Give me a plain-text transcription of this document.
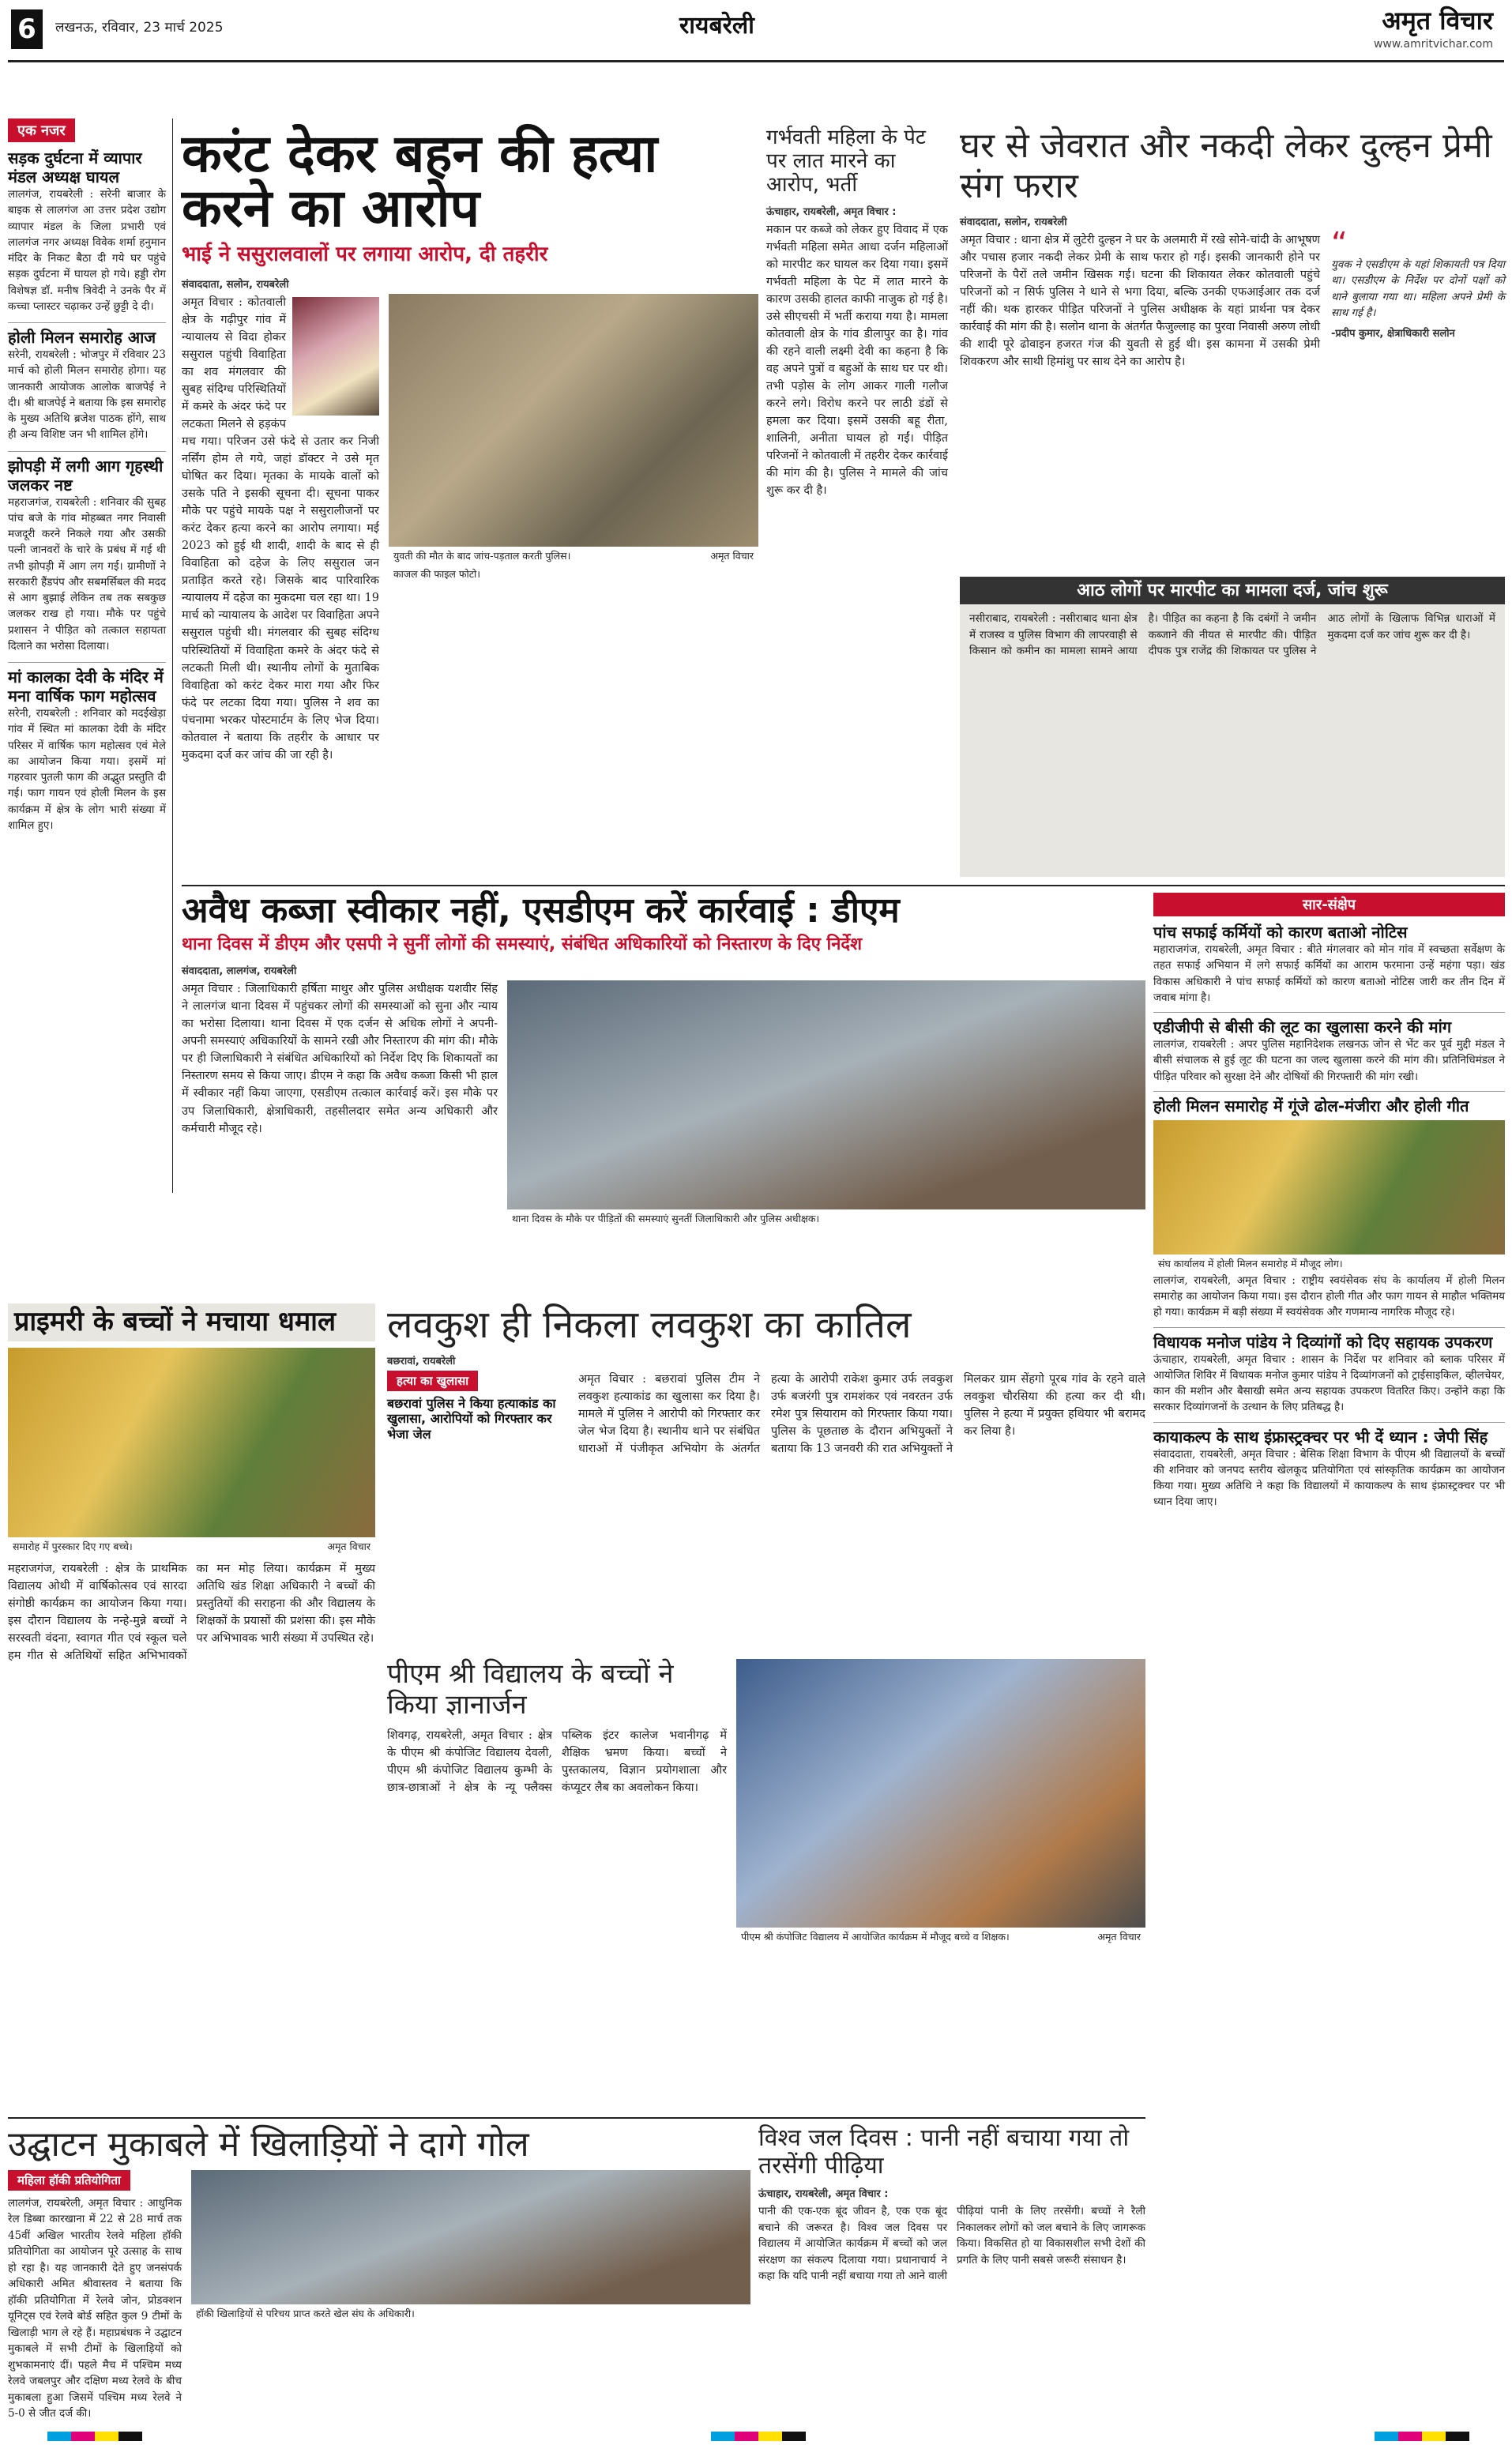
6	लखनऊ, रविवार, 23 मार्च 2025	रायबरेली	अमृत विचार
www.amritvichar.com
एक नजर
सड़क दुर्घटना में व्यापार मंडल अध्यक्ष घायल
लालगंज, रायबरेली : सरेनी बाजार के बाइक से लालगंज आ उत्तर प्रदेश उद्योग व्यापार मंडल के जिला प्रभारी एवं लालगंज नगर अध्यक्ष विवेक शर्मा हनुमान मंदिर के निकट बैठा दी गये घर पहुंचे सड़क दुर्घटना में घायल हो गये। हड्डी रोग विशेषज्ञ डॉ. मनीष त्रिवेदी ने उनके पैर में कच्चा प्लास्टर चढ़ाकर उन्हें छुट्टी दे दी।
होली मिलन समारोह आज
सरेनी, रायबरेली : भोजपुर में रविवार 23 मार्च को होली मिलन समारोह होगा। यह जानकारी आयोजक आलोक बाजपेई ने दी। श्री बाजपेई ने बताया कि इस समारोह के मुख्य अतिथि ब्रजेश पाठक होंगे, साथ ही अन्य विशिष्ट जन भी शामिल होंगे।
झोपड़ी में लगी आग गृहस्थी जलकर नष्ट
महराजगंज, रायबरेली : शनिवार की सुबह पांच बजे के गांव मोहब्बत नगर निवासी मजदूरी करने निकले गया और उसकी पत्नी जानवरों के चारे के प्रबंध में गई थी तभी झोपड़ी में आग लग गई। ग्रामीणों ने सरकारी हैंडपंप और सबमर्सिबल की मदद से आग बुझाई लेकिन तब तक सबकुछ जलकर राख हो गया। मौके पर पहुंचे प्रशासन ने पीड़ित को तत्काल सहायता दिलाने का भरोसा दिलाया।
मां कालका देवी के मंदिर में मना वार्षिक फाग महोत्सव
सरेनी, रायबरेली : शनिवार को मदईखेड़ा गांव में स्थित मां कालका देवी के मंदिर परिसर में वार्षिक फाग महोत्सव एवं मेले का आयोजन किया गया। इसमें मां गहरवार पुतली फाग की अद्भुत प्रस्तुति दी गई। फाग गायन एवं होली मिलन के इस कार्यक्रम में क्षेत्र के लोग भारी संख्या में शामिल हुए।
करंट देकर बहन की हत्या करने का आरोप
भाई ने ससुरालवालों पर लगाया आरोप, दी तहरीर
संवाददाता, सलोन, रायबरेली
अमृत विचार : कोतवाली क्षेत्र के गढ़ीपुर गांव में न्यायालय से विदा होकर ससुराल पहुंची विवाहिता का शव मंगलवार की सुबह संदिग्ध परिस्थितियों में कमरे के अंदर फंदे पर लटकता मिलने से हड़कंप मच गया। परिजन उसे फंदे से उतार कर निजी नर्सिंग होम ले गये, जहां डॉक्टर ने उसे मृत घोषित कर दिया। मृतका के मायके वालों को उसके पति ने इसकी सूचना दी। सूचना पाकर मौके पर पहुंचे मायके पक्ष ने ससुरालीजनों पर करंट देकर हत्या करने का आरोप लगाया। मई 2023 को हुई थी शादी, शादी के बाद से ही विवाहिता को दहेज के लिए ससुराल जन प्रताड़ित करते रहे। जिसके बाद पारिवारिक न्यायालय में दहेज का मुकदमा चल रहा था। 19 मार्च को न्यायालय के आदेश पर विवाहिता अपने ससुराल पहुंची थी। मंगलवार की सुबह संदिग्ध परिस्थितियों में विवाहिता कमरे के अंदर फंदे से लटकती मिली थी। स्थानीय लोगों के मुताबिक विवाहिता को करंट देकर मारा गया और फिर फंदे पर लटका दिया गया। पुलिस ने शव का पंचनामा भरकर पोस्टमार्टम के लिए भेज दिया। कोतवाल ने बताया कि तहरीर के आधार पर मुकदमा दर्ज कर जांच की जा रही है।
युवती की मौत के बाद जांच-पड़ताल करती पुलिस।	अमृत विचार
काजल की फाइल फोटो।
गर्भवती महिला के पेट पर लात मारने का आरोप, भर्ती
ऊंचाहार, रायबरेली, अमृत विचार :
मकान पर कब्जे को लेकर हुए विवाद में एक गर्भवती महिला समेत आधा दर्जन महिलाओं को मारपीट कर घायल कर दिया गया। इसमें गर्भवती महिला के पेट में लात मारने के कारण उसकी हालत काफी नाजुक हो गई है। उसे सीएचसी में भर्ती कराया गया है। मामला कोतवाली क्षेत्र के गांव डीलापुर का है। गांव की रहने वाली लक्ष्मी देवी का कहना है कि वह अपने पुत्रों व बहुओं के साथ घर पर थी। तभी पड़ोस के लोग आकर गाली गलौज करने लगे। विरोध करने पर लाठी डंडों से हमला कर दिया। इसमें उसकी बहू रीता, शालिनी, अनीता घायल हो गईं। पीड़ित परिजनों ने कोतवाली में तहरीर देकर कार्रवाई की मांग की है। पुलिस ने मामले की जांच शुरू कर दी है।
घर से जेवरात और नकदी लेकर दुल्हन प्रेमी संग फरार
संवाददाता, सलोन, रायबरेली
अमृत विचार : थाना क्षेत्र में लुटेरी दुल्हन ने घर के अलमारी में रखे सोने-चांदी के आभूषण और पचास हजार नकदी लेकर प्रेमी के साथ फरार हो गई। इसकी जानकारी होने पर परिजनों के पैरों तले जमीन खिसक गई। घटना की शिकायत लेकर कोतवाली पहुंचे परिजनों को न सिर्फ पुलिस ने थाने से भगा दिया, बल्कि उनकी एफआईआर तक दर्ज नहीं की। थक हारकर पीड़ित परिजनों ने पुलिस अधीक्षक के यहां प्रार्थना पत्र देकर कार्रवाई की मांग की है। सलोन थाना के अंतर्गत फैजुल्लाह का पुरवा निवासी अरुण लोधी की शादी पूरे ढोवाइन हजरत गंज की युवती से हुई थी। इस कामना में उसकी प्रेमी शिवकरण और साथी हिमांशु पर साथ देने का आरोप है।
“
युवक ने एसडीएम के यहां शिकायती पत्र दिया था। एसडीएम के निर्देश पर दोनों पक्षों को थाने बुलाया गया था। महिला अपने प्रेमी के साथ गई है।
-प्रदीप कुमार, क्षेत्राधिकारी सलोन
आठ लोगों पर मारपीट का मामला दर्ज, जांच शुरू
नसीराबाद, रायबरेली : नसीराबाद थाना क्षेत्र में राजस्व व पुलिस विभाग की लापरवाही से किसान को कमीन का मामला सामने आया है। पीड़ित का कहना है कि दबंगों ने जमीन कब्जाने की नीयत से मारपीट की। पीड़ित दीपक पुत्र राजेंद्र की शिकायत पर पुलिस ने आठ लोगों के खिलाफ विभिन्न धाराओं में मुकदमा दर्ज कर जांच शुरू कर दी है।
अवैध कब्जा स्वीकार नहीं, एसडीएम करें कार्रवाई : डीएम
थाना दिवस में डीएम और एसपी ने सुनीं लोगों की समस्याएं, संबंधित अधिकारियों को निस्तारण के दिए निर्देश
संवाददाता, लालगंज, रायबरेली
अमृत विचार : जिलाधिकारी हर्षिता माथुर और पुलिस अधीक्षक यशवीर सिंह ने लालगंज थाना दिवस में पहुंचकर लोगों की समस्याओं को सुना और न्याय का भरोसा दिलाया। थाना दिवस में एक दर्जन से अधिक लोगों ने अपनी-अपनी समस्याएं अधिकारियों के सामने रखी और निस्तारण की मांग की। मौके पर ही जिलाधिकारी ने संबंधित अधिकारियों को निर्देश दिए कि शिकायतों का निस्तारण समय से किया जाए। डीएम ने कहा कि अवैध कब्जा किसी भी हाल में स्वीकार नहीं किया जाएगा, एसडीएम तत्काल कार्रवाई करें। इस मौके पर उप जिलाधिकारी, क्षेत्राधिकारी, तहसीलदार समेत अन्य अधिकारी और कर्मचारी मौजूद रहे।
थाना दिवस के मौके पर पीड़ितों की समस्याएं सुनतीं जिलाधिकारी और पुलिस अधीक्षक।
सार-संक्षेप
पांच सफाई कर्मियों को कारण बताओ नोटिस
महाराजगंज, रायबरेली, अमृत विचार : बीते मंगलवार को मोन गांव में स्वच्छता सर्वेक्षण के तहत सफाई अभियान में लगे सफाई कर्मियों का आराम फरमाना उन्हें महंगा पड़ा। खंड विकास अधिकारी ने पांच सफाई कर्मियों को कारण बताओ नोटिस जारी कर तीन दिन में जवाब मांगा है।
एडीजीपी से बीसी की लूट का खुलासा करने की मांग
लालगंज, रायबरेली : अपर पुलिस महानिदेशक लखनऊ जोन से भेंट कर पूर्व मुद्दी मंडल ने बीसी संचालक से हुई लूट की घटना का जल्द खुलासा करने की मांग की। प्रतिनिधिमंडल ने पीड़ित परिवार को सुरक्षा देने और दोषियों की गिरफ्तारी की मांग रखी।
होली मिलन समारोह में गूंजे ढोल-मंजीरा और होली गीत
संघ कार्यालय में होली मिलन समारोह में मौजूद लोग।
लालगंज, रायबरेली, अमृत विचार : राष्ट्रीय स्वयंसेवक संघ के कार्यालय में होली मिलन समारोह का आयोजन किया गया। इस दौरान होली गीत और फाग गायन से माहौल भक्तिमय हो गया। कार्यक्रम में बड़ी संख्या में स्वयंसेवक और गणमान्य नागरिक मौजूद रहे।
विधायक मनोज पांडेय ने दिव्यांगों को दिए सहायक उपकरण
ऊंचाहार, रायबरेली, अमृत विचार : शासन के निर्देश पर शनिवार को ब्लाक परिसर में आयोजित शिविर में विधायक मनोज कुमार पांडेय ने दिव्यांगजनों को ट्राईसाइकिल, व्हीलचेयर, कान की मशीन और बैसाखी समेत अन्य सहायक उपकरण वितरित किए। उन्होंने कहा कि सरकार दिव्यांगजनों के उत्थान के लिए प्रतिबद्ध है।
कायाकल्प के साथ इंफ्रास्ट्रक्चर पर भी दें ध्यान : जेपी सिंह
संवाददाता, रायबरेली, अमृत विचार : बेसिक शिक्षा विभाग के पीएम श्री विद्यालयों के बच्चों की शनिवार को जनपद स्तरीय खेलकूद प्रतियोगिता एवं सांस्कृतिक कार्यक्रम का आयोजन किया गया। मुख्य अतिथि ने कहा कि विद्यालयों में कायाकल्प के साथ इंफ्रास्ट्रक्चर पर भी ध्यान दिया जाए।
प्राइमरी के बच्चों ने मचाया धमाल
समारोह में पुरस्कार दिए गए बच्चे।	अमृत विचार
महराजगंज, रायबरेली : क्षेत्र के प्राथमिक विद्यालय ओथी में वार्षिकोत्सव एवं सारदा संगोष्ठी कार्यक्रम का आयोजन किया गया। इस दौरान विद्यालय के नन्हे-मुन्ने बच्चों ने सरस्वती वंदना, स्वागत गीत एवं स्कूल चले हम गीत से अतिथियों सहित अभिभावकों का मन मोह लिया। कार्यक्रम में मुख्य अतिथि खंड शिक्षा अधिकारी ने बच्चों की प्रस्तुतियों की सराहना की और विद्यालय के शिक्षकों के प्रयासों की प्रशंसा की। इस मौके पर अभिभावक भारी संख्या में उपस्थित रहे।
लवकुश ही निकला लवकुश का कातिल
बछरावां, रायबरेली
हत्या का खुलासा
बछरावां पुलिस ने किया हत्याकांड का खुलासा, आरोपियों को गिरफ्तार कर भेजा जेल
अमृत विचार : बछरावां पुलिस टीम ने लवकुश हत्याकांड का खुलासा कर दिया है। मामले में पुलिस ने आरोपी को गिरफ्तार कर जेल भेज दिया है। स्थानीय थाने पर संबंधित धाराओं में पंजीकृत अभियोग के अंतर्गत हत्या के आरोपी राकेश कुमार उर्फ लवकुश उर्फ बजरंगी पुत्र रामशंकर एवं नवरतन उर्फ रमेश पुत्र सियाराम को गिरफ्तार किया गया। पुलिस के पूछताछ के दौरान अभियुक्तों ने बताया कि 13 जनवरी की रात अभियुक्तों ने मिलकर ग्राम सेंहगो पूरब गांव के रहने वाले लवकुश चौरसिया की हत्या कर दी थी। पुलिस ने हत्या में प्रयुक्त हथियार भी बरामद कर लिया है।
पीएम श्री विद्यालय के बच्चों ने किया ज्ञानार्जन
शिवगढ़, रायबरेली, अमृत विचार : क्षेत्र के पीएम श्री कंपोजिट विद्यालय देवली, पीएम श्री कंपोजिट विद्यालय कुम्भी के छात्र-छात्राओं ने क्षेत्र के न्यू फ्लैक्स पब्लिक इंटर कालेज भवानीगढ़ में शैक्षिक भ्रमण किया। बच्चों ने पुस्तकालय, विज्ञान प्रयोगशाला और कंप्यूटर लैब का अवलोकन किया।
पीएम श्री कंपोजिट विद्यालय में आयोजित कार्यक्रम में मौजूद बच्चे व शिक्षक।	अमृत विचार
उद्घाटन मुकाबले में खिलाड़ियों ने दागे गोल
महिला हॉकी प्रतियोगिता
लालगंज, रायबरेली, अमृत विचार : आधुनिक रेल डिब्बा कारखाना में 22 से 28 मार्च तक 45वीं अखिल भारतीय रेलवे महिला हॉकी प्रतियोगिता का आयोजन पूरे उत्साह के साथ हो रहा है। यह जानकारी देते हुए जनसंपर्क अधिकारी अमित श्रीवास्तव ने बताया कि हॉकी प्रतियोगिता में रेलवे जोन, प्रोडक्शन यूनिट्स एवं रेलवे बोर्ड सहित कुल 9 टीमों के खिलाड़ी भाग ले रहे हैं। महाप्रबंधक ने उद्घाटन मुकाबले में सभी टीमों के खिलाड़ियों को शुभकामनाएं दीं। पहले मैच में पश्चिम मध्य रेलवे जबलपुर और दक्षिण मध्य रेलवे के बीच मुकाबला हुआ जिसमें पश्चिम मध्य रेलवे ने 5-0 से जीत दर्ज की।
हॉकी खिलाड़ियों से परिचय प्राप्त करते खेल संघ के अधिकारी।
विश्व जल दिवस : पानी नहीं बचाया गया तो तरसेंगी पीढ़िया
ऊंचाहार, रायबरेली, अमृत विचार :
पानी की एक-एक बूंद जीवन है, एक एक बूंद बचाने की जरूरत है। विश्व जल दिवस पर विद्यालय में आयोजित कार्यक्रम में बच्चों को जल संरक्षण का संकल्प दिलाया गया। प्रधानाचार्य ने कहा कि यदि पानी नहीं बचाया गया तो आने वाली पीढ़ियां पानी के लिए तरसेंगी। बच्चों ने रैली निकालकर लोगों को जल बचाने के लिए जागरूक किया। विकसित हो या विकासशील सभी देशों की प्रगति के लिए पानी सबसे जरूरी संसाधन है।
